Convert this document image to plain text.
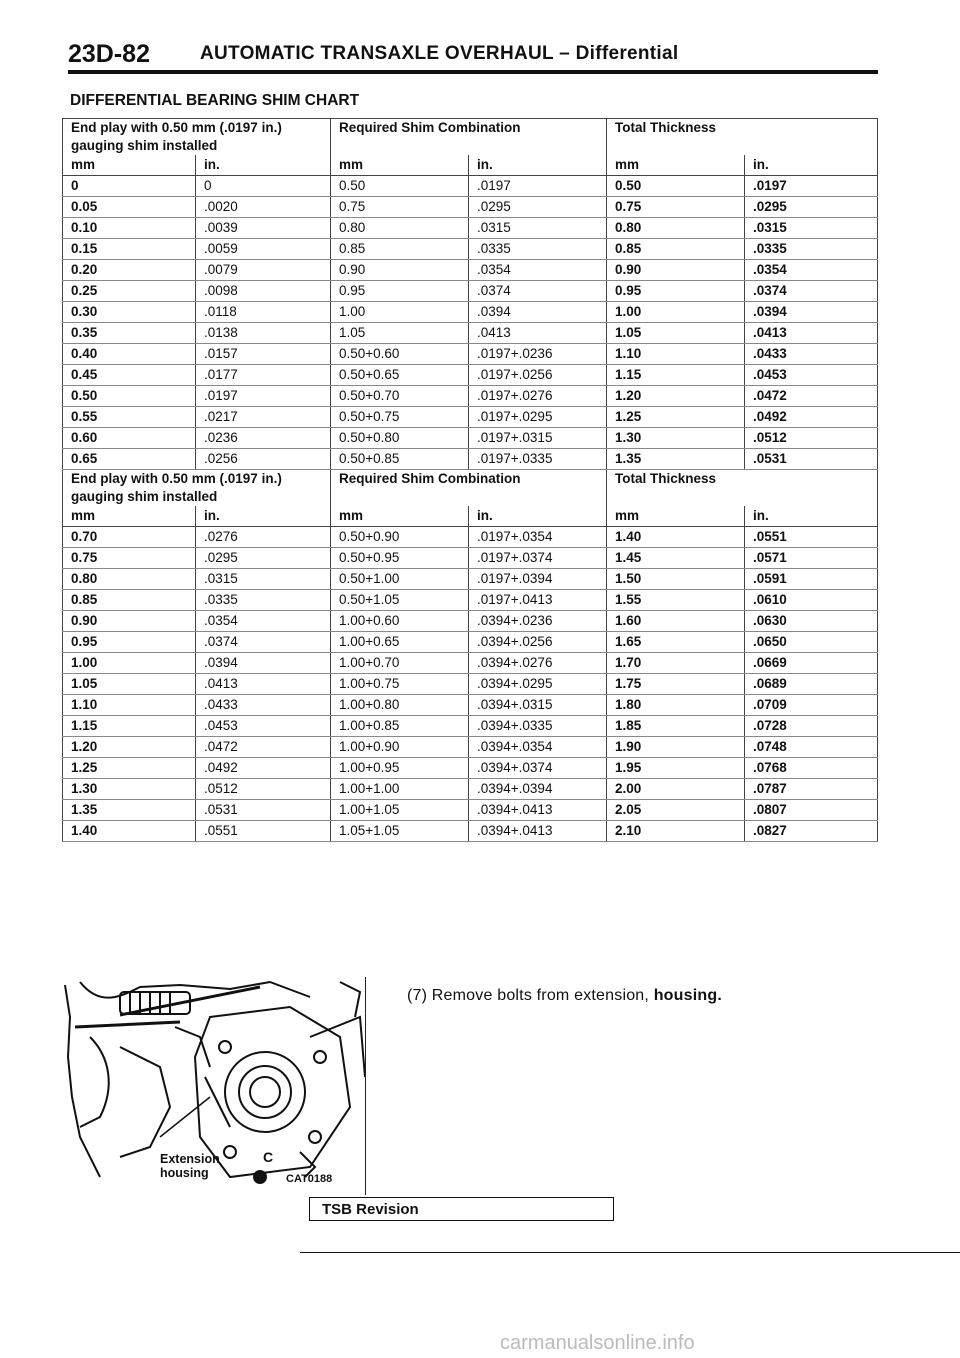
23D-82	AUTOMATIC TRANSAXLE OVERHAUL – Differential
DIFFERENTIAL BEARING SHIM CHART
End play with 0.50 mm (.0197 in.)		Required Shim Combination		Total Thickness	
gauging shim installed					
mm	in.	mm	in.	mm	in.
0	0	0.50	.0197	0.50	.0197
0.05	.0020	0.75	.0295	0.75	.0295
0.10	.0039	0.80	.0315	0.80	.0315
0.15	.0059	0.85	.0335	0.85	.0335
0.20	.0079	0.90	.0354	0.90	.0354
0.25	.0098	0.95	.0374	0.95	.0374
0.30	.0118	1.00	.0394	1.00	.0394
0.35	.0138	1.05	.0413	1.05	.0413
0.40	.0157	0.50+0.60	.0197+.0236	1.10	.0433
0.45	.0177	0.50+0.65	.0197+.0256	1.15	.0453
0.50	.0197	0.50+0.70	.0197+.0276	1.20	.0472
0.55	.0217	0.50+0.75	.0197+.0295	1.25	.0492
0.60	.0236	0.50+0.80	.0197+.0315	1.30	.0512
0.65	.0256	0.50+0.85	.0197+.0335	1.35	.0531
End play with 0.50 mm (.0197 in.)		Required Shim Combination		Total Thickness	
gauging shim installed					
mm	in.	mm	in.	mm	in.
0.70	.0276	0.50+0.90	.0197+.0354	1.40	.0551
0.75	.0295	0.50+0.95	.0197+.0374	1.45	.0571
0.80	.0315	0.50+1.00	.0197+.0394	1.50	.0591
0.85	.0335	0.50+1.05	.0197+.0413	1.55	.0610
0.90	.0354	1.00+0.60	.0394+.0236	1.60	.0630
0.95	.0374	1.00+0.65	.0394+.0256	1.65	.0650
1.00	.0394	1.00+0.70	.0394+.0276	1.70	.0669
1.05	.0413	1.00+0.75	.0394+.0295	1.75	.0689
1.10	.0433	1.00+0.80	.0394+.0315	1.80	.0709
1.15	.0453	1.00+0.85	.0394+.0335	1.85	.0728
1.20	.0472	1.00+0.90	.0394+.0354	1.90	.0748
1.25	.0492	1.00+0.95	.0394+.0374	1.95	.0768
1.30	.0512	1.00+1.00	.0394+.0394	2.00	.0787
1.35	.0531	1.00+1.05	.0394+.0413	2.05	.0807
1.40	.0551	1.05+1.05	.0394+.0413	2.10	.0827
C
Extension housing	CAT0188
(7) Remove bolts from extension, housing.
TSB Revision
carmanualsonline.info
